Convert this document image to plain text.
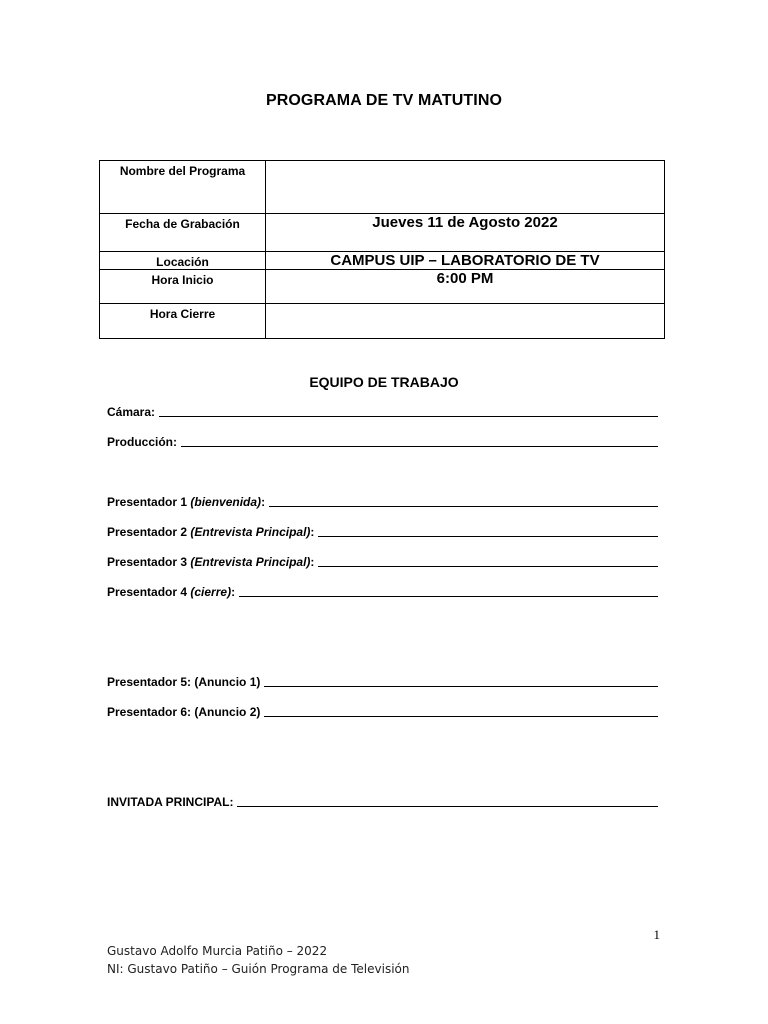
PROGRAMA DE TV MATUTINO
Nombre del Programa	
Fecha de Grabación	Jueves 11 de Agosto 2022
Locación	CAMPUS UIP – LABORATORIO DE TV
Hora Inicio	6:00 PM
Hora Cierre	
EQUIPO DE TRABAJO
Cámara:
Producción:
Presentador 1 (bienvenida):
Presentador 2 (Entrevista Principal):
Presentador 3 (Entrevista Principal):
Presentador 4 (cierre):
Presentador 5: (Anuncio 1)
Presentador 6: (Anuncio 2)
INVITADA PRINCIPAL:
1
Gustavo Adolfo Murcia Patiño – 2022
NI: Gustavo Patiño – Guión Programa de Televisión
